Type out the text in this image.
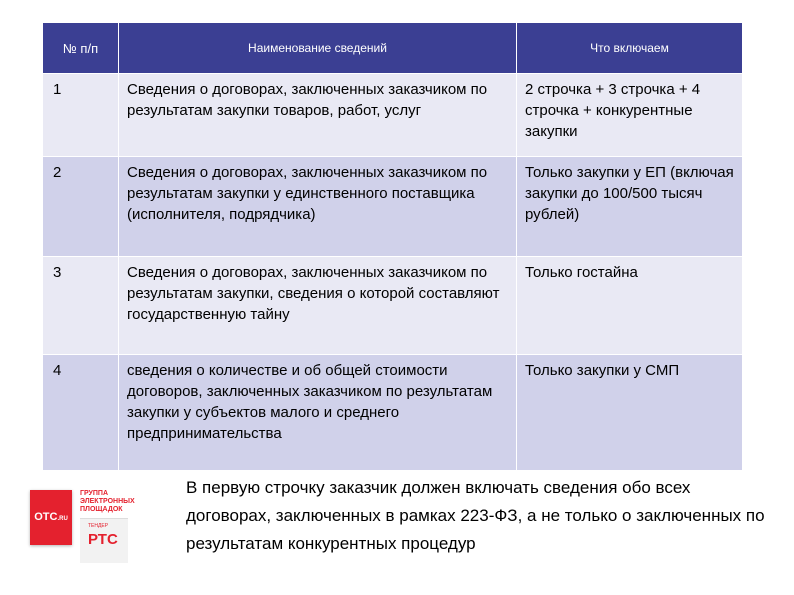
№ п/п	Наименование сведений	Что включаем
1	Сведения о договорах, заключенных заказчиком по результатам закупки товаров, работ, услуг	2 строчка + 3 строчка + 4 строчка + конкурентные закупки
2	Сведения о договорах, заключенных заказчиком по результатам закупки у единственного поставщика (исполнителя, подрядчика)	Только закупки у ЕП (включая закупки до 100/500 тысяч рублей)
3	Сведения о договорах, заключенных заказчиком по результатам закупки, сведения о которой составляют государственную тайну	Только гостайна
4	сведения о количестве и об общей стоимости договоров, заключенных заказчиком по результатам закупки у субъектов малого и среднего предпринимательства	Только закупки у СМП
ОТС.RU
ГРУППА ЭЛЕКТРОННЫХ ПЛОЩАДОК
ТЕНДЕР
РТС
В первую строчку заказчик должен включать сведения обо всех договорах, заключенных в рамках 223-ФЗ, а не только о заключенных по результатам конкурентных процедур
